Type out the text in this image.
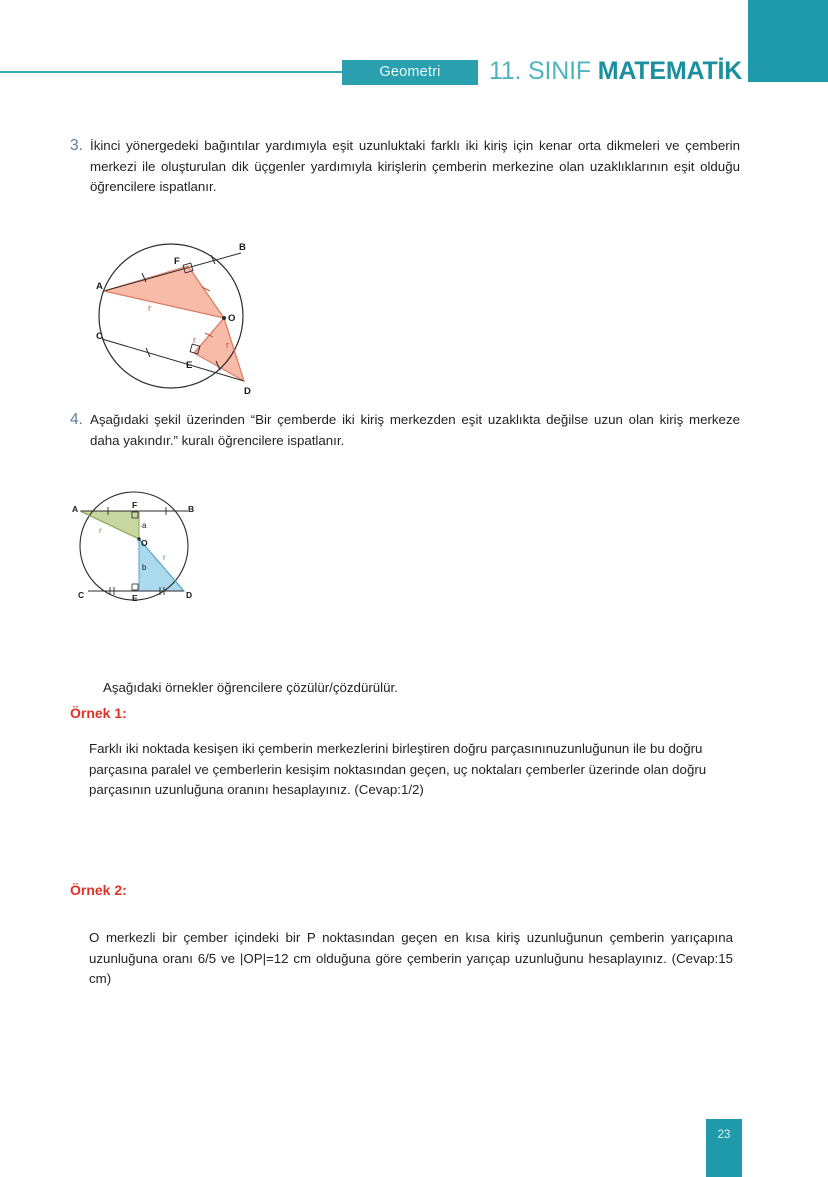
Geometri	11. SINIF MATEMATİK
3. İkinci yönergedeki bağıntılar yardımıyla eşit uzunluktaki farklı iki kiriş için kenar orta dikmeleri ve çemberin merkezi ile oluşturulan dik üçgenler yardımıyla kirişlerin çemberin merkezine olan uzaklıklarının eşit olduğu öğrencilere ispatlanır.
A
B
C
D
E
F
O
r
r	r
4. Aşağıdaki şekil üzerinden “Bir çemberde iki kiriş merkezden eşit uzaklıkta değilse uzun olan kiriş merkeze daha yakındır.” kuralı öğrencilere ispatlanır.
A	B
C	D
E
F
O
r
a
b
r
Aşağıdaki örnekler öğrencilere çözülür/çözdürülür.
Örnek 1:
Farklı iki noktada kesişen iki çemberin merkezlerini birleştiren doğru parçasınınuzunluğunun ile bu doğru parçasına paralel ve çemberlerin kesişim noktasından geçen, uç noktaları çemberler üzerinde olan doğru parçasının uzunluğuna oranını hesaplayınız. (Cevap:1/2)
Örnek 2:
O merkezli bir çember içindeki bir P noktasından geçen en kısa kiriş uzunluğunun çemberin yarıçapına uzunluğuna oranı 6/5 ve |OP|=12 cm olduğuna göre çemberin yarıçap uzunluğunu hesaplayınız. (Cevap:15 cm)
23
